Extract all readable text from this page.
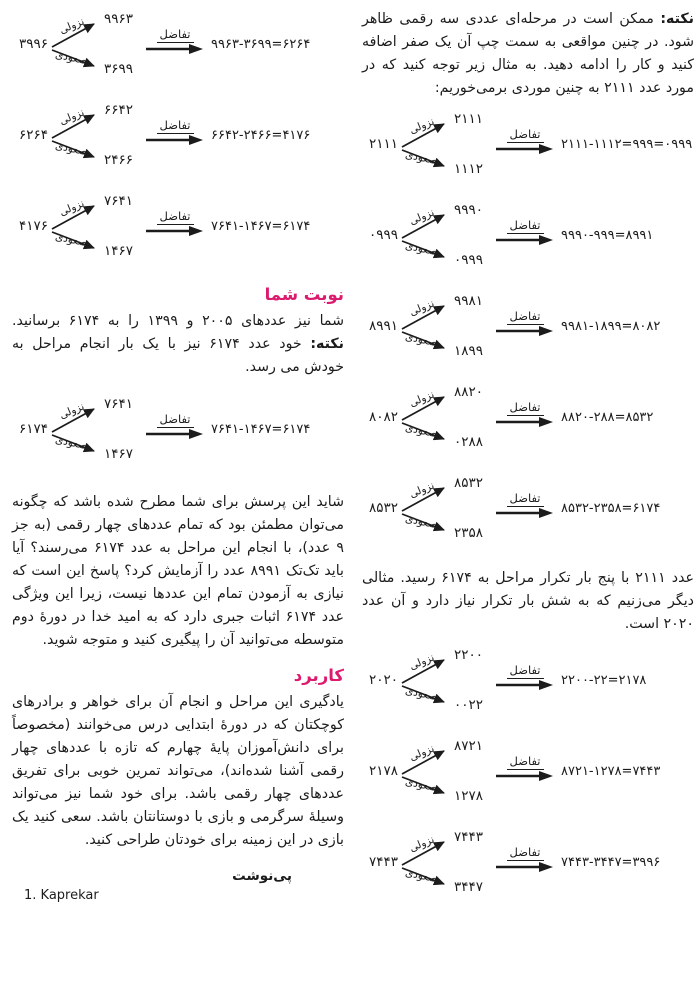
نکته: ممکن است در مرحله‌ای عددی سه رقمی ظاهر شود. در چنین مواقعی به سمت چپ آن یک صفر اضافه کنید و کار را ادامه دهید. به مثال زیر توجه کنید که در مورد عدد ۲۱۱۱ به چنین موردی برمی‌خوریم:

۲۱۱۱
نزولی
صعودی
۲۱۱۱
۱۱۱۲
تفاضل
۲۱۱۱-۱۱۱۲=۹۹۹=۰۹۹۹
۰۹۹۹
نزولی
صعودی
۹۹۹۰
۰۹۹۹
تفاضل
۹۹۹۰-۹۹۹=۸۹۹۱
۸۹۹۱
نزولی
صعودی
۹۹۸۱
۱۸۹۹
تفاضل
۹۹۸۱-۱۸۹۹=۸۰۸۲
۸۰۸۲
نزولی
صعودی
۸۸۲۰
۰۲۸۸
تفاضل
۸۸۲۰-۲۸۸=۸۵۳۲
۸۵۳۲
نزولی
صعودی
۸۵۳۲
۲۳۵۸
تفاضل
۸۵۳۲-۲۳۵۸=۶۱۷۴

عدد ۲۱۱۱ با پنج بار تکرار مراحل به ۶۱۷۴ رسید. مثالی دیگر می‌زنیم که به شش بار تکرار نیاز دارد و آن عدد ۲۰۲۰ است.

۲۰۲۰
نزولی
صعودی
۲۲۰۰
۰۰۲۲
تفاضل
۲۲۰۰-۲۲=۲۱۷۸
۲۱۷۸
نزولی
صعودی
۸۷۲۱
۱۲۷۸
تفاضل
۸۷۲۱-۱۲۷۸=۷۴۴۳
۷۴۴۳
نزولی
صعودی
۷۴۴۳
۳۴۴۷
تفاضل
۷۴۴۳-۳۴۴۷=۳۹۹۶
۳۹۹۶
نزولی
صعودی
۹۹۶۳
۳۶۹۹
تفاضل
۹۹۶۳-۳۶۹۹=۶۲۶۴
۶۲۶۴
نزولی
صعودی
۶۶۴۲
۲۴۶۶
تفاضل
۶۶۴۲-۲۴۶۶=۴۱۷۶
۴۱۷۶
نزولی
صعودی
۷۶۴۱
۱۴۶۷
تفاضل
۷۶۴۱-۱۴۶۷=۶۱۷۴
نوبت شما

شما نیز عددهای ۲۰۰۵ و ۱۳۹۹ را به ۶۱۷۴ برسانید. نکته: خود عدد ۶۱۷۴ نیز با یک بار انجام مراحل به خودش می رسد.

۶۱۷۴
نزولی
صعودی
۷۶۴۱
۱۴۶۷
تفاضل
۷۶۴۱-۱۴۶۷=۶۱۷۴

شاید این پرسش برای شما مطرح شده باشد که چگونه می‌توان مطمئن بود که تمام عددهای چهار رقمی (به جز ۹ عدد)، با انجام این مراحل به عدد ۶۱۷۴ می‌رسند؟ آیا باید تک‌تک ۸۹۹۱ عدد را آزمایش کرد؟ پاسخ این است که نیازی به آزمودن تمام این عددها نیست، زیرا این ویژگی عدد ۶۱۷۴ اثبات جبری دارد که به امید خدا در دورهٔ دوم متوسطه می‌توانید آن را پیگیری کنید و متوجه شوید.

کاربرد

یادگیری این مراحل و انجام آن برای خواهر و برادرهای کوچکتان که در دورهٔ ابتدایی درس می‌خوانند (مخصوصاً برای دانش‌آموزان پایهٔ چهارم که تازه با عددهای چهار رقمی آشنا شده‌اند)، می‌تواند تمرین خوبی برای تفریق عددهای چهار رقمی باشد. برای خود شما نیز می‌تواند وسیلهٔ سرگرمی و بازی با دوستانتان باشد. سعی کنید یک بازی در این زمینه برای خودتان طراحی کنید.

پی‌نوشت
1. Kaprekar
